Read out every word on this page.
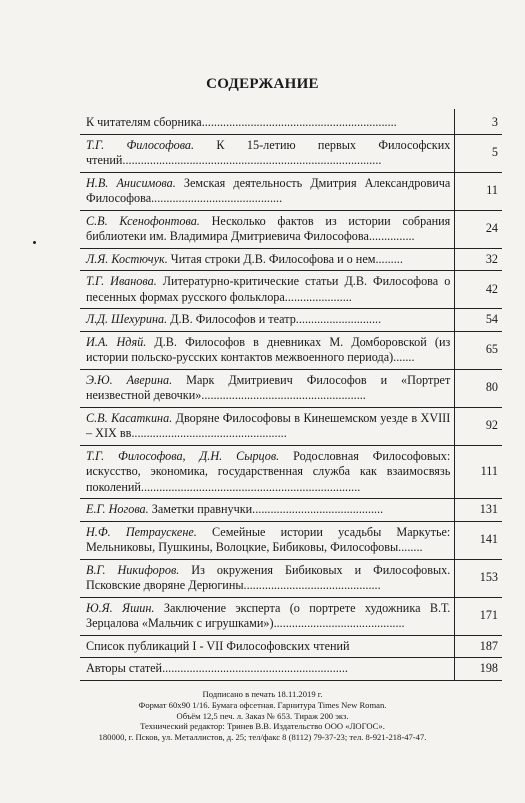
СОДЕРЖАНИЕ
К читателям сборника................................................................	3

Т.Г. Философова. К 15-летию первых Философских чтений.....................................................................................	5

Н.В. Анисимова. Земская деятельность Дмитрия Александровича Философова...........................................	11

С.В. Ксенофонтова. Несколько фактов из истории собрания библиотеки им. Владимира Дмитриевича Философова...............	24

Л.Я. Костючук. Читая строки Д.В. Философова и о нем.........	32

Т.Г. Иванова. Литературно-критические статьи Д.В. Философова о песенных формах русского фольклора......................	42

Л.Д. Шехурина. Д.В. Философов и театр............................	54

И.А. Ндяй. Д.В. Философов в дневниках М. Домборовской (из истории польско-русских контактов межвоенного периода).......	65

Э.Ю. Аверина. Марк Дмитриевич Философов и «Портрет неизвестной девочки»......................................................	80

С.В. Касаткина. Дворяне Философовы в Кинешемском уезде в XVIII – XIX вв...................................................	92

Т.Г. Философова, Д.Н. Сырцов. Родословная Философовых: искусство, экономика, государственная служба как взаимосвязь поколений........................................................................	111

Е.Г. Ногова. Заметки правнучки...........................................	131

Н.Ф. Петраускене. Семейные истории усадьбы Маркутье: Мельниковы, Пушкины, Волоцкие, Бибиковы, Философовы........	141

В.Г. Никифоров. Из окружения Бибиковых и Философовых. Псковские дворяне Дерюгины.............................................	153

Ю.Я. Яшин. Заключение эксперта (о портрете художника В.Т. Зерцалова «Мальчик с игрушками»)...........................................	171

Список публикаций I - VII Философовских чтений	187

Авторы статей.............................................................	198
Подписано в печать 18.11.2019 г.
Формат 60х90 1/16. Бумага офсетная. Гарнитура Times New Roman.
Объём 12,5 печ. л. Заказ № 653. Тираж 200 экз.
Технический редактор: Тринев В.В. Издательство ООО «ЛОГОС».
180000, г. Псков, ул. Металлистов, д. 25; тел/факс 8 (8112) 79-37-23; тел. 8-921-218-47-47.
